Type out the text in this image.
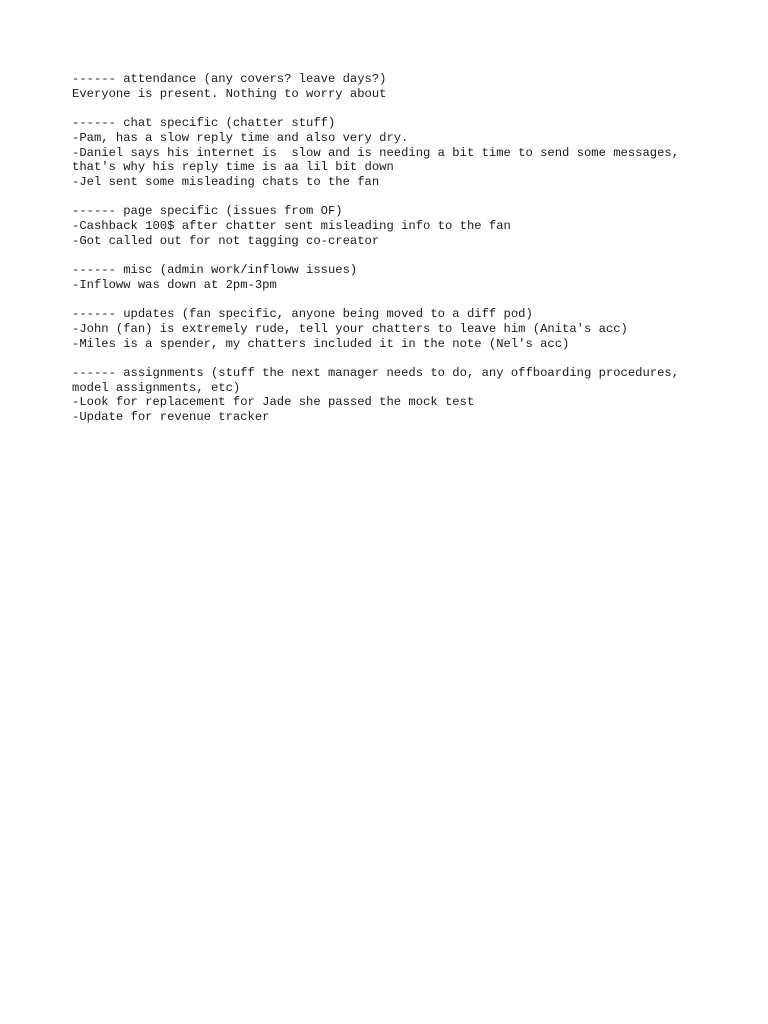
------ attendance (any covers? leave days?)
Everyone is present. Nothing to worry about
------ chat specific (chatter stuff)
-Pam, has a slow reply time and also very dry.
-Daniel says his internet is  slow and is needing a bit time to send some messages, that's why his reply time is aa lil bit down
-Jel sent some misleading chats to the fan
------ page specific (issues from OF)
-Cashback 100$ after chatter sent misleading info to the fan
-Got called out for not tagging co-creator
------ misc (admin work/infloww issues)
-Infloww was down at 2pm-3pm
------ updates (fan specific, anyone being moved to a diff pod)
-John (fan) is extremely rude, tell your chatters to leave him (Anita's acc)
-Miles is a spender, my chatters included it in the note (Nel's acc)
------ assignments (stuff the next manager needs to do, any offboarding procedures, model assignments, etc)
-Look for replacement for Jade she passed the mock test
-Update for revenue tracker
